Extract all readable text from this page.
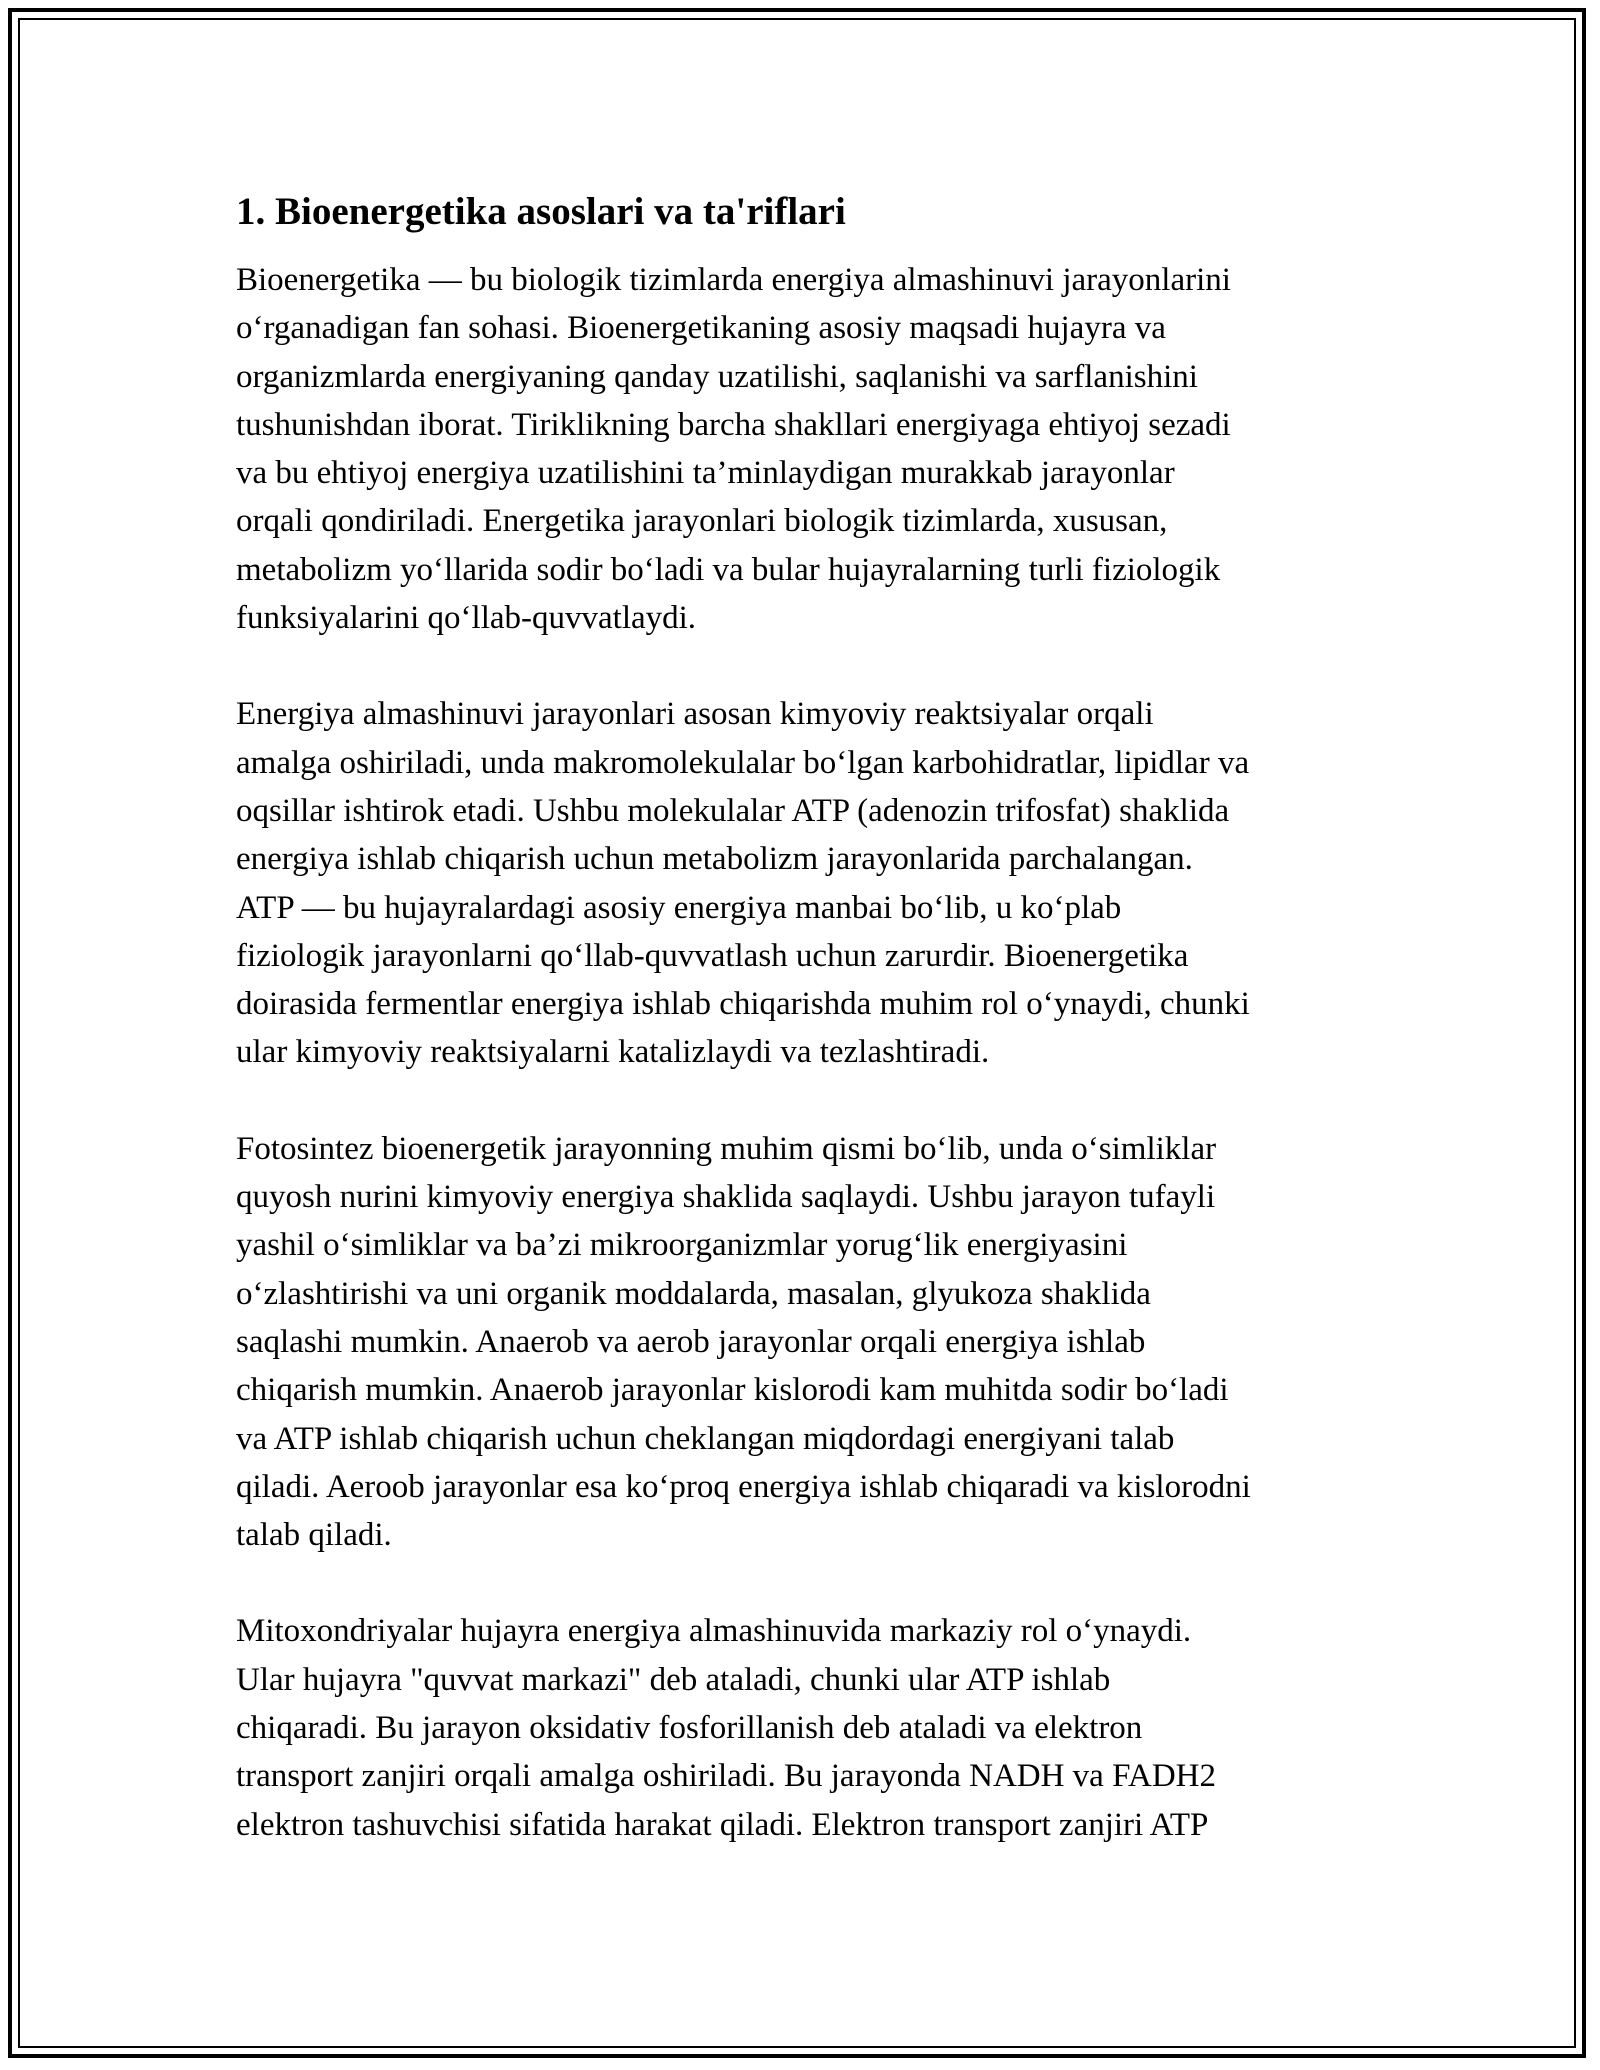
1. Bioenergetika asoslari va ta'riflari
Bioenergetika — bu biologik tizimlarda energiya almashinuvi jarayonlarini
o‘rganadigan fan sohasi. Bioenergetikaning asosiy maqsadi hujayra va
organizmlarda energiyaning qanday uzatilishi, saqlanishi va sarflanishini
tushunishdan iborat. Tiriklikning barcha shakllari energiyaga ehtiyoj sezadi
va bu ehtiyoj energiya uzatilishini ta’minlaydigan murakkab jarayonlar
orqali qondiriladi. Energetika jarayonlari biologik tizimlarda, xususan,
metabolizm yo‘llarida sodir bo‘ladi va bular hujayralarning turli fiziologik
funksiyalarini qo‘llab-quvvatlaydi.
Energiya almashinuvi jarayonlari asosan kimyoviy reaktsiyalar orqali
amalga oshiriladi, unda makromolekulalar bo‘lgan karbohidratlar, lipidlar va
oqsillar ishtirok etadi. Ushbu molekulalar ATP (adenozin trifosfat) shaklida
energiya ishlab chiqarish uchun metabolizm jarayonlarida parchalangan.
ATP — bu hujayralardagi asosiy energiya manbai bo‘lib, u ko‘plab
fiziologik jarayonlarni qo‘llab-quvvatlash uchun zarurdir. Bioenergetika
doirasida fermentlar energiya ishlab chiqarishda muhim rol o‘ynaydi, chunki
ular kimyoviy reaktsiyalarni katalizlaydi va tezlashtiradi.
Fotosintez bioenergetik jarayonning muhim qismi bo‘lib, unda o‘simliklar
quyosh nurini kimyoviy energiya shaklida saqlaydi. Ushbu jarayon tufayli
yashil o‘simliklar va ba’zi mikroorganizmlar yorug‘lik energiyasini
o‘zlashtirishi va uni organik moddalarda, masalan, glyukoza shaklida
saqlashi mumkin. Anaerob va aerob jarayonlar orqali energiya ishlab
chiqarish mumkin. Anaerob jarayonlar kislorodi kam muhitda sodir bo‘ladi
va ATP ishlab chiqarish uchun cheklangan miqdordagi energiyani talab
qiladi. Aeroob jarayonlar esa ko‘proq energiya ishlab chiqaradi va kislorodni
talab qiladi.
Mitoxondriyalar hujayra energiya almashinuvida markaziy rol o‘ynaydi.
Ular hujayra "quvvat markazi" deb ataladi, chunki ular ATP ishlab
chiqaradi. Bu jarayon oksidativ fosforillanish deb ataladi va elektron
transport zanjiri orqali amalga oshiriladi. Bu jarayonda NADH va FADH2
elektron tashuvchisi sifatida harakat qiladi. Elektron transport zanjiri ATP
